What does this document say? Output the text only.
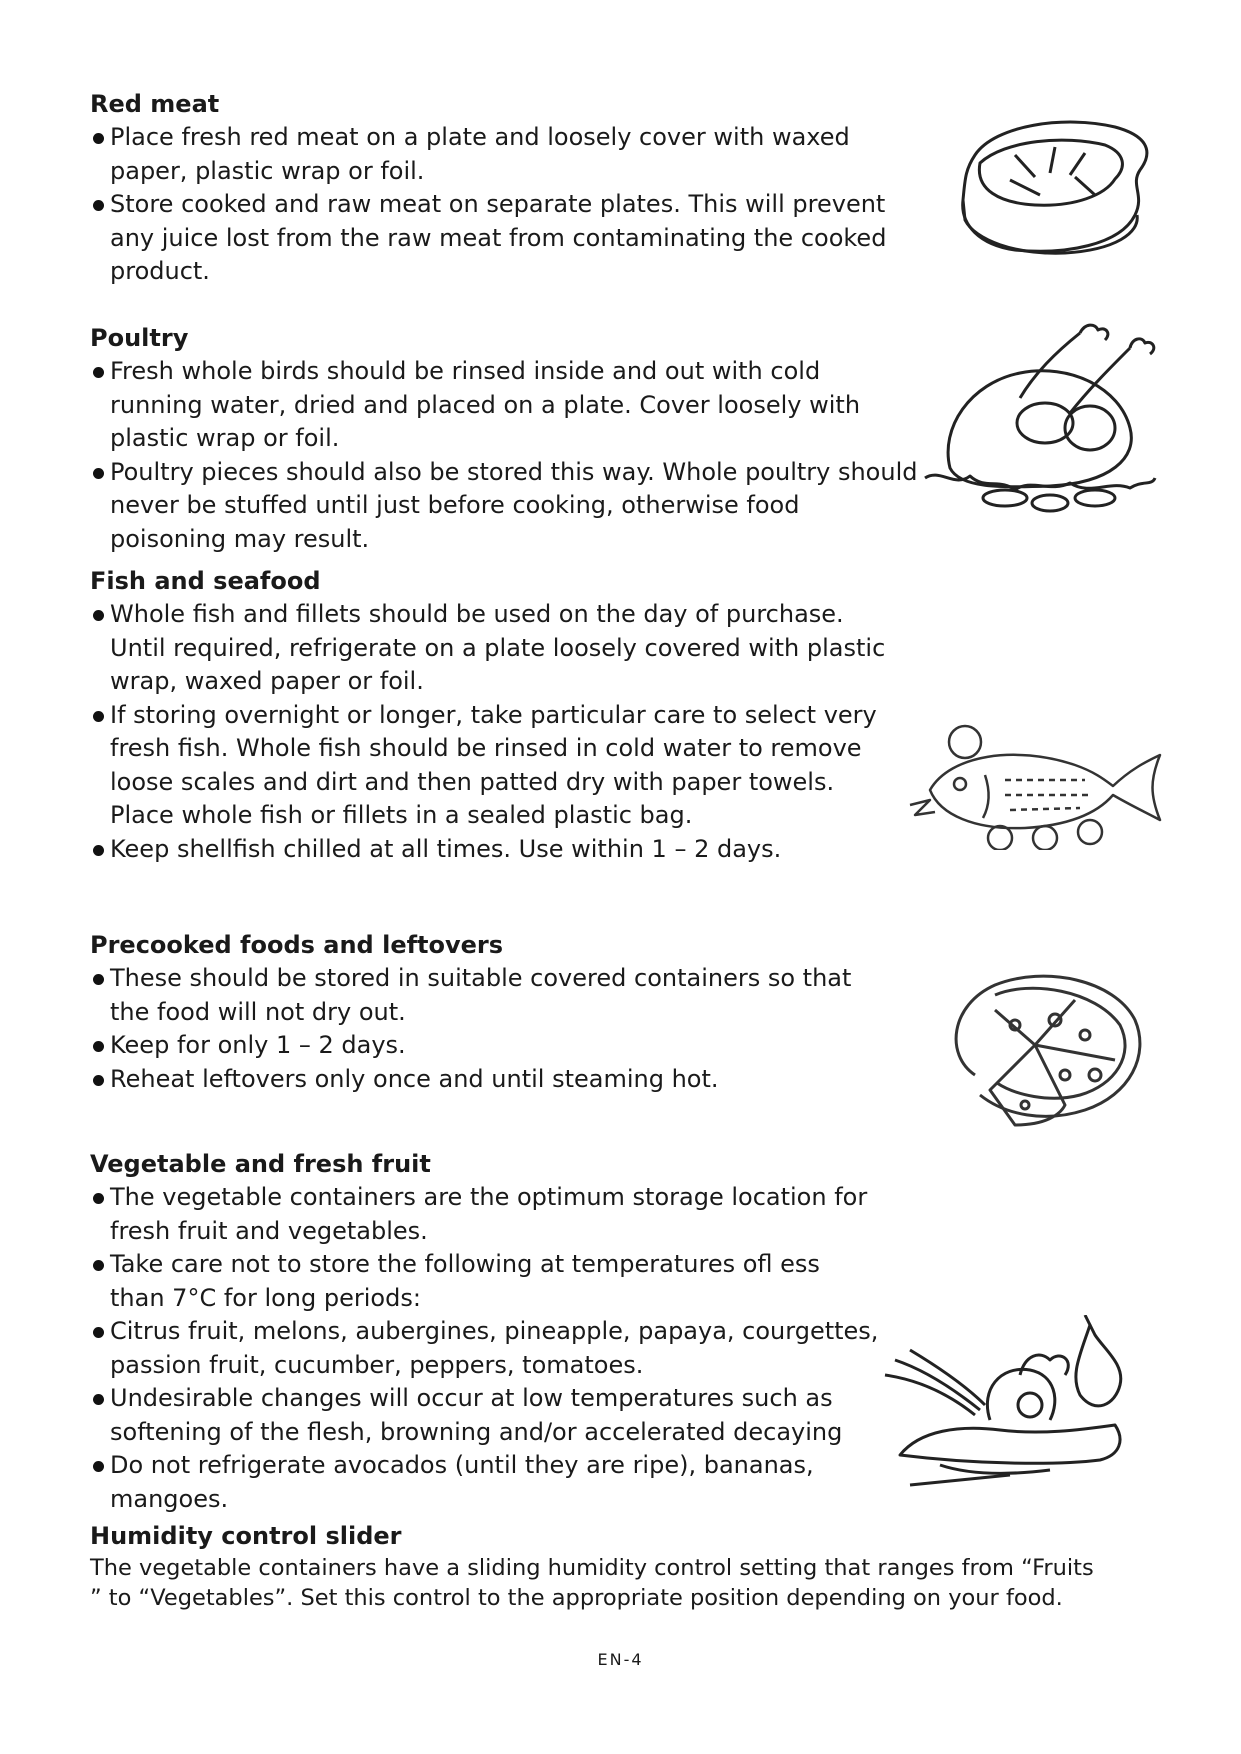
Red meat

Place fresh red meat on a plate and loosely cover with waxed paper, plastic wrap or foil.

Store cooked and raw meat on separate plates. This will prevent any juice lost from the raw meat from contaminating the cooked product.

Poultry

Fresh whole birds should be rinsed inside and out with cold running water, dried and placed on a plate. Cover loosely with plastic wrap or foil.

Poultry pieces should also be stored this way. Whole poultry should never be stuffed until just before cooking, otherwise food poisoning may result.

Fish and seafood

Whole fish and fillets should be used on the day of purchase. Until required, refrigerate on a plate loosely covered with plastic wrap, waxed paper or foil.

If storing overnight or longer, take particular care to select very fresh fish. Whole fish should be rinsed in cold water to remove loose scales and dirt and then patted dry with paper towels. Place whole fish or fillets in a sealed plastic bag.

Keep shellfish chilled at all times. Use within 1 – 2 days.

Precooked foods and leftovers

These should be stored in suitable covered containers so that the food will not dry out.

Keep for only 1 – 2 days.

Reheat leftovers only once and until steaming hot.

Vegetable and fresh fruit

The vegetable containers are the optimum storage location for fresh fruit and vegetables.

Take care not to store the following at temperatures ofl ess than 7°C for long periods:

Citrus fruit, melons, aubergines, pineapple, papaya, courgettes, passion fruit, cucumber, peppers, tomatoes.

Undesirable changes will occur at low temperatures such as softening of the flesh, browning and/or accelerated decaying

Do not refrigerate avocados (until they are ripe), bananas, mangoes.

Humidity control slider

The vegetable containers have a sliding humidity control setting that ranges from “Fruits ” to “Vegetables”. Set this control to the appropriate position depending on your food.

EN-4
